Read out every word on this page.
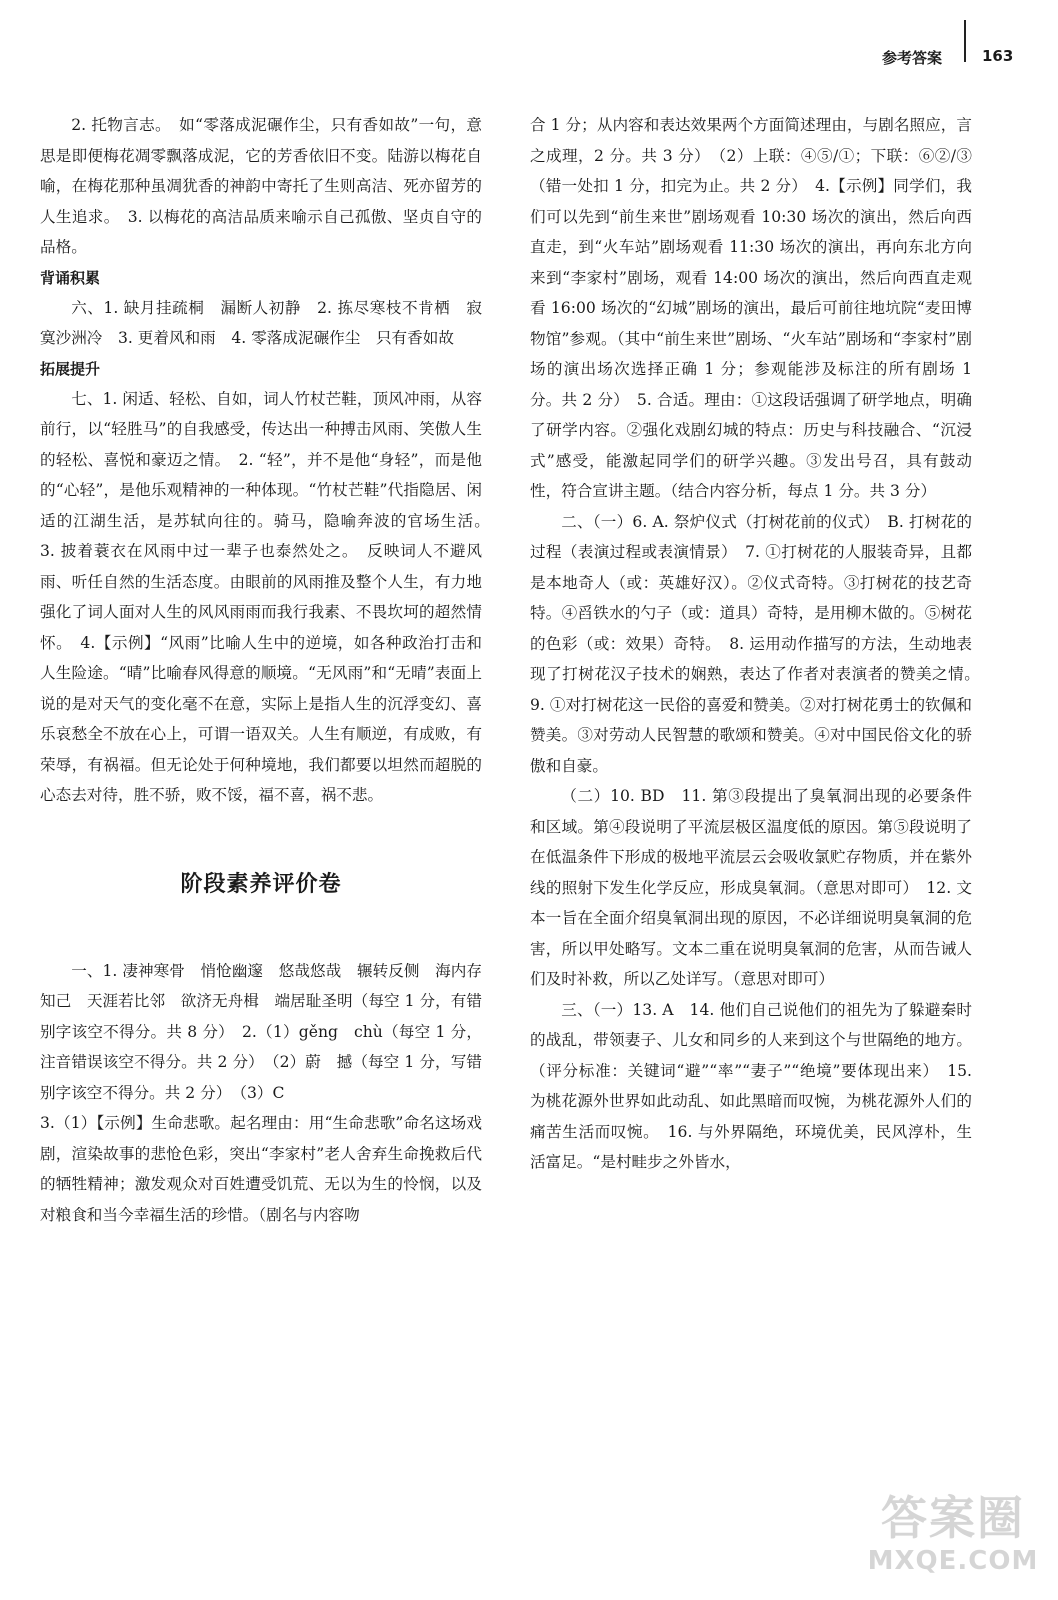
参考答案	163

2. 托物言志。　如“零落成泥碾作尘，只有香如故”一句，意思是即便梅花凋零飘落成泥，它的芳香依旧不变。陆游以梅花自喻，在梅花那种虽凋犹香的神韵中寄托了生则高洁、死亦留芳的人生追求。　3. 以梅花的高洁品质来喻示自己孤傲、坚贞自守的品格。

背诵积累

六、1. 缺月挂疏桐　漏断人初静　2. 拣尽寒枝不肯栖　寂寞沙洲冷　3. 更着风和雨　4. 零落成泥碾作尘　只有香如故

拓展提升

七、1. 闲适、轻松、自如，词人竹杖芒鞋，顶风冲雨，从容前行，以“轻胜马”的自我感受，传达出一种搏击风雨、笑傲人生的轻松、喜悦和豪迈之情。　2. “轻”，并不是他“身轻”，而是他的“心轻”，是他乐观精神的一种体现。“竹杖芒鞋”代指隐居、闲适的江湖生活，是苏轼向往的。骑马，隐喻奔波的官场生活。　3. 披着蓑衣在风雨中过一辈子也泰然处之。　反映词人不避风雨、听任自然的生活态度。由眼前的风雨推及整个人生，有力地强化了词人面对人生的风风雨雨而我行我素、不畏坎坷的超然情怀。　4.【示例】“风雨”比喻人生中的逆境，如各种政治打击和人生险途。“晴”比喻春风得意的顺境。“无风雨”和“无晴”表面上说的是对天气的变化毫不在意，实际上是指人生的沉浮变幻、喜乐哀愁全不放在心上，可谓一语双关。人生有顺逆，有成败，有荣辱，有祸福。但无论处于何种境地，我们都要以坦然而超脱的心态去对待，胜不骄，败不馁，福不喜，祸不悲。

阶段素养评价卷

一、1. 凄神寒骨　悄怆幽邃　悠哉悠哉　辗转反侧　海内存知己　天涯若比邻　欲济无舟楫　端居耻圣明（每空 1 分，有错别字该空不得分。共 8 分）　2.（1）gěng　chù（每空 1 分，注音错误该空不得分。共 2 分）　（2）蔚　撼（每空 1 分，写错别字该空不得分。共 2 分）　（3）C

3.（1）【示例】生命悲歌。起名理由：用“生命悲歌”命名这场戏剧，渲染故事的悲怆色彩，突出“李家村”老人舍弃生命挽救后代的牺牲精神；激发观众对百姓遭受饥荒、无以为生的怜悯，以及对粮食和当今幸福生活的珍惜。（剧名与内容吻

合 1 分；从内容和表达效果两个方面简述理由，与剧名照应，言之成理，2 分。共 3 分）　（2）上联：④⑤/①；下联：⑥②/③（错一处扣 1 分，扣完为止。共 2 分）　4.【示例】同学们，我们可以先到“前生来世”剧场观看 10:30 场次的演出，然后向西直走，到“火车站”剧场观看 11:30 场次的演出，再向东北方向来到“李家村”剧场，观看 14:00 场次的演出，然后向西直走观看 16:00 场次的“幻城”剧场的演出，最后可前往地坑院“麦田博物馆”参观。（其中“前生来世”剧场、“火车站”剧场和“李家村”剧场的演出场次选择正确 1 分；参观能涉及标注的所有剧场 1 分。共 2 分）　5. 合适。理由：①这段话强调了研学地点，明确了研学内容。②强化戏剧幻城的特点：历史与科技融合、“沉浸式”感受，能激起同学们的研学兴趣。③发出号召，具有鼓动性，符合宣讲主题。（结合内容分析，每点 1 分。共 3 分）

二、（一）6. A. 祭炉仪式（打树花前的仪式）　B. 打树花的过程（表演过程或表演情景）　7. ①打树花的人服装奇异，且都是本地奇人（或：英雄好汉）。②仪式奇特。③打树花的技艺奇特。④舀铁水的勺子（或：道具）奇特，是用柳木做的。⑤树花的色彩（或：效果）奇特。　8. 运用动作描写的方法，生动地表现了打树花汉子技术的娴熟，表达了作者对表演者的赞美之情。　9. ①对打树花这一民俗的喜爱和赞美。②对打树花勇士的钦佩和赞美。③对劳动人民智慧的歌颂和赞美。④对中国民俗文化的骄傲和自豪。

（二）10. BD　11. 第③段提出了臭氧洞出现的必要条件和区域。第④段说明了平流层极区温度低的原因。第⑤段说明了在低温条件下形成的极地平流层云会吸收氯贮存物质，并在紫外线的照射下发生化学反应，形成臭氧洞。（意思对即可）　12. 文本一旨在全面介绍臭氧洞出现的原因，不必详细说明臭氧洞的危害，所以甲处略写。文本二重在说明臭氧洞的危害，从而告诫人们及时补救，所以乙处详写。（意思对即可）

三、（一）13. A　14. 他们自己说他们的祖先为了躲避秦时的战乱，带领妻子、儿女和同乡的人来到这个与世隔绝的地方。（评分标准：关键词“避”“率”“妻子”“绝境”要体现出来）　15. 为桃花源外世界如此动乱、如此黑暗而叹惋，为桃花源外人们的痛苦生活而叹惋。　16. 与外界隔绝，环境优美，民风淳朴，生活富足。“是村畦步之外皆水，

答案圈
MXQE.COM
